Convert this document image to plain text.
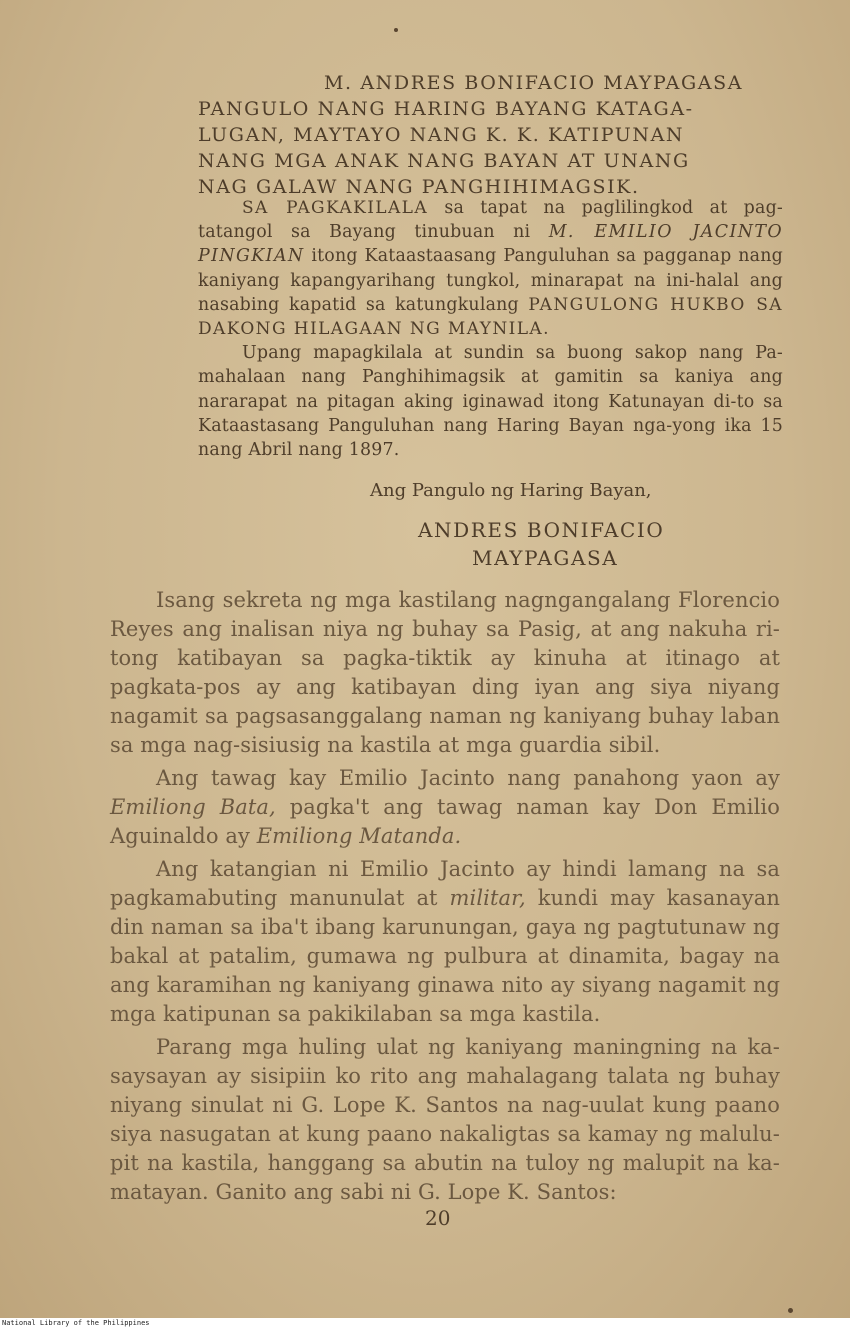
M. ANDRES BONIFACIO MAYPAGASA
PANGULO NANG HARING BAYANG KATAGA-
LUGAN, MAYTAYO NANG K. K. KATIPUNAN
NANG MGA ANAK NANG BAYAN AT UNANG
NAG GALAW NANG PANGHIHIMAGSIK.

SA PAGKAKILALA sa tapat na paglilingkod at pag-tatangol sa Bayang tinubuan ni M. EMILIO JACINTO PINGKIAN itong Kataastaasang Panguluhan sa pagganap nang kaniyang kapangyarihang tungkol, minarapat na ini-halal ang nasabing kapatid sa katungkulang PANGULONG HUKBO SA DAKONG HILAGAAN NG MAYNILA.

Upang mapagkilala at sundin sa buong sakop nang Pa-mahalaan nang Panghihimagsik at gamitin sa kaniya ang nararapat na pitagan aking iginawad itong Katunayan di-to sa Kataastasang Panguluhan nang Haring Bayan nga-yong ika 15 nang Abril nang 1897.

Ang Pangulo ng Haring Bayan,
ANDRES BONIFACIO
MAYPAGASA

Isang sekreta ng mga kastilang nagngangalang Florencio Reyes ang inalisan niya ng buhay sa Pasig, at ang nakuha ri-tong katibayan sa pagka-tiktik ay kinuha at itinago at pagkata-pos ay ang katibayan ding iyan ang siya niyang nagamit sa pagsasanggalang naman ng kaniyang buhay laban sa mga nag-sisiusig na kastila at mga guardia sibil.

Ang tawag kay Emilio Jacinto nang panahong yaon ay Emiliong Bata, pagka't ang tawag naman kay Don Emilio Aguinaldo ay Emiliong Matanda.

Ang katangian ni Emilio Jacinto ay hindi lamang na sa pagkamabuting manunulat at militar, kundi may kasanayan din naman sa iba't ibang karunungan, gaya ng pagtutunaw ng bakal at patalim, gumawa ng pulbura at dinamita, bagay na ang karamihan ng kaniyang ginawa nito ay siyang nagamit ng mga katipunan sa pakikilaban sa mga kastila.

Parang mga huling ulat ng kaniyang maningning na ka-saysayan ay sisipiin ko rito ang mahalagang talata ng buhay niyang sinulat ni G. Lope K. Santos na nag-uulat kung paano siya nasugatan at kung paano nakaligtas sa kamay ng malulu-pit na kastila, hanggang sa abutin na tuloy ng malupit na ka-matayan. Ganito ang sabi ni G. Lope K. Santos:

20
National Library of the Philippines
